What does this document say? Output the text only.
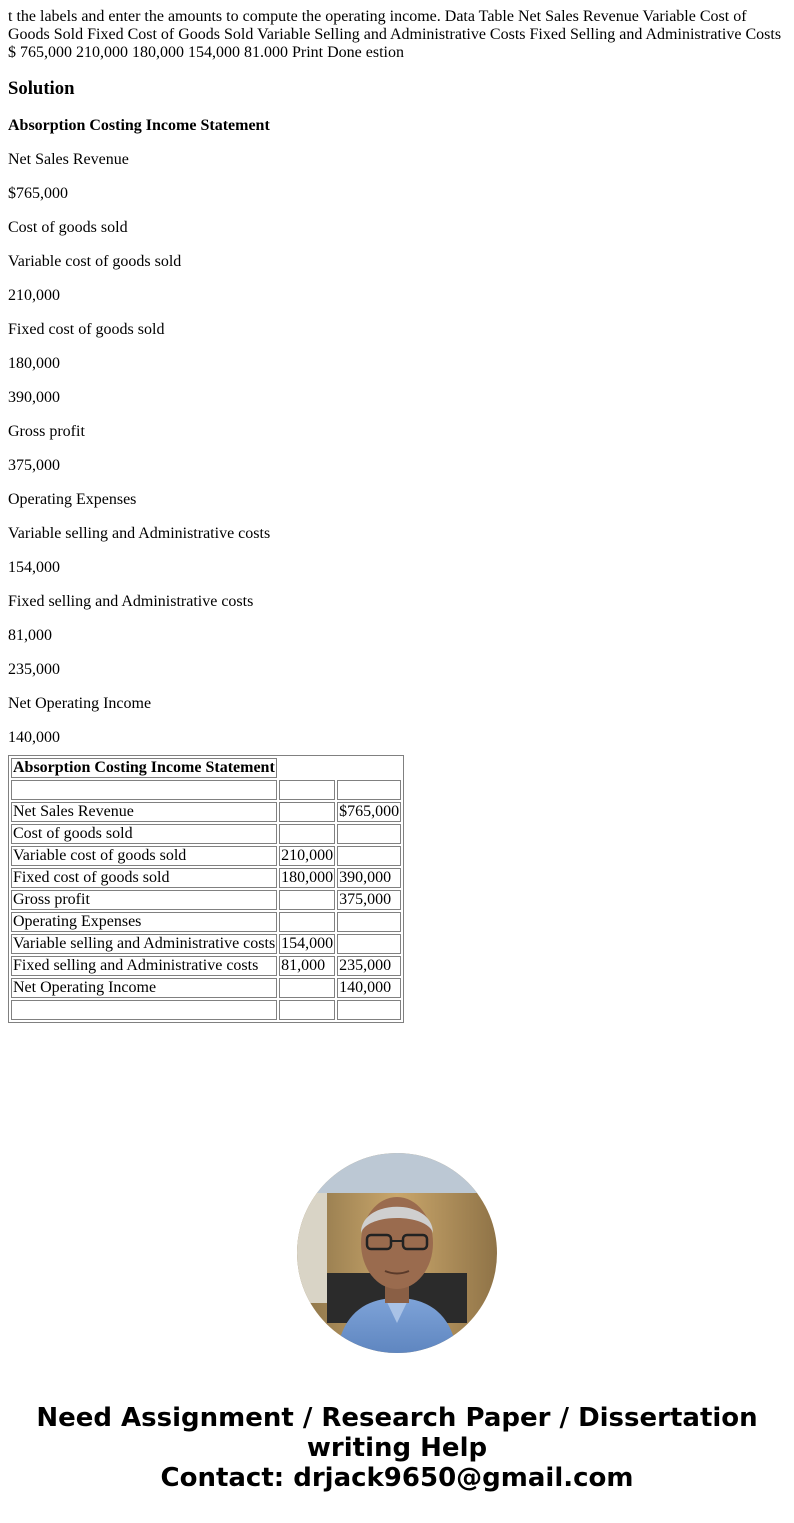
t the labels and enter the amounts to compute the operating income. Data Table Net Sales Revenue Variable Cost of Goods Sold Fixed Cost of Goods Sold Variable Selling and Administrative Costs Fixed Selling and Administrative Costs $ 765,000 210,000 180,000 154,000 81.000 Print Done estion
Solution

Absorption Costing Income Statement

Net Sales Revenue

$765,000

Cost of goods sold

Variable cost of goods sold

210,000

Fixed cost of goods sold

180,000

390,000

Gross profit

375,000

Operating Expenses

Variable selling and Administrative costs

154,000

Fixed selling and Administrative costs

81,000

235,000

Net Operating Income

140,000

Absorption Costing Income Statement		

Net Sales Revenue		$765,000
Cost of goods sold		
Variable cost of goods sold	210,000	
Fixed cost of goods sold	180,000	390,000
Gross profit		375,000
Operating Expenses		
Variable selling and Administrative costs	154,000	
Fixed selling and Administrative costs	81,000	235,000
Net Operating Income		140,000

Need Assignment / Research Paper / Dissertation
writing Help
Contact: drjack9650@gmail.com
